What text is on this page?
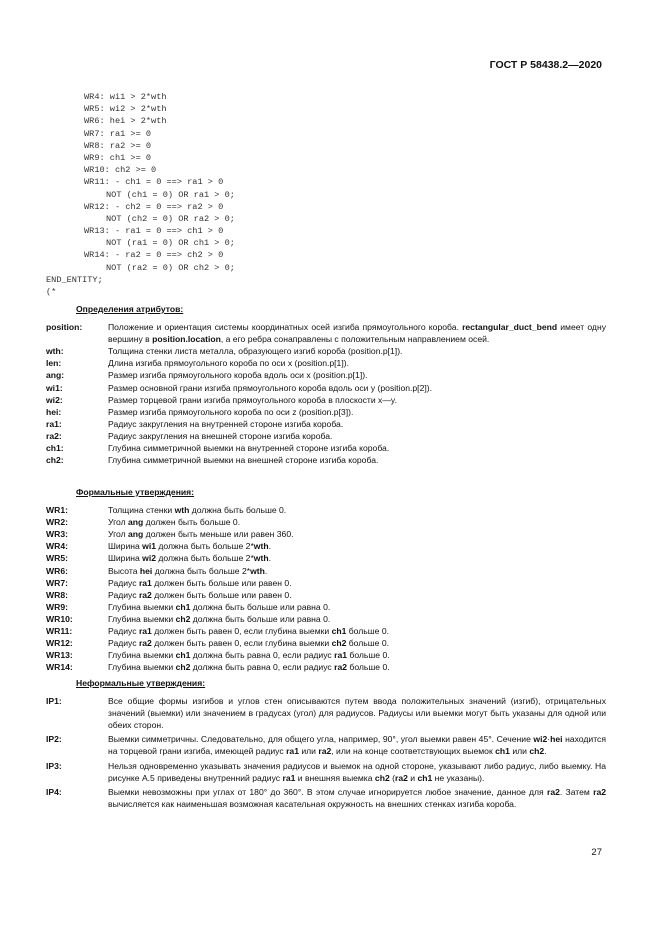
ГОСТ Р 58438.2—2020
WR4: wi1 > 2*wth
WR5: wi2 > 2*wth
WR6: hei > 2*wth
WR7: ra1 >= 0
WR8: ra2 >= 0
WR9: ch1 >= 0
WR10: ch2 >= 0
WR11: - ch1 = 0 ==> ra1 > 0
NOT (ch1 = 0) OR ra1 > 0;
WR12: - ch2 = 0 ==> ra2 > 0
NOT (ch2 = 0) OR ra2 > 0;
WR13: - ra1 = 0 ==> ch1 > 0
NOT (ra1 = 0) OR ch1 > 0;
WR14: - ra2 = 0 ==> ch2 > 0
NOT (ra2 = 0) OR ch2 > 0;
END_ENTITY;
(*
Определения атрибутов:
position:	Положение и ориентация системы координатных осей изгиба прямоугольного короба. rectangular_duct_bend имеет одну вершину в position.location, а его ребра сонаправлены с положительным направлением осей.
wth:	Толщина стенки листа металла, образующего изгиб короба (position.p[1]).
len:	Длина изгиба прямоугольного короба по оси x (position.p[1]).
ang:	Размер изгиба прямоугольного короба вдоль оси x (position.p[1]).
wi1:	Размер основной грани изгиба прямоугольного короба вдоль оси y (position.p[2]).
wi2:	Размер торцевой грани изгиба прямоугольного короба в плоскости x—y.
hei:	Размер изгиба прямоугольного короба по оси z (position.p[3]).
ra1:	Радиус закругления на внутренней стороне изгиба короба.
ra2:	Радиус закругления на внешней стороне изгиба короба.
ch1:	Глубина симметричной выемки на внутренней стороне изгиба короба.
ch2:	Глубина симметричной выемки на внешней стороне изгиба короба.
Формальные утверждения:
WR1:	Толщина стенки wth должна быть больше 0.
WR2:	Угол ang должен быть больше 0.
WR3:	Угол ang должен быть меньше или равен 360.
WR4:	Ширина wi1 должна быть больше 2*wth.
WR5:	Ширина wi2 должна быть больше 2*wth.
WR6:	Высота hei должна быть больше 2*wth.
WR7:	Радиус ra1 должен быть больше или равен 0.
WR8:	Радиус ra2 должен быть больше или равен 0.
WR9:	Глубина выемки ch1 должна быть больше или равна 0.
WR10:	Глубина выемки ch2 должна быть больше или равна 0.
WR11:	Радиус ra1 должен быть равен 0, если глубина выемки ch1 больше 0.
WR12:	Радиус ra2 должен быть равен 0, если глубина выемки ch2 больше 0.
WR13:	Глубина выемки ch1 должна быть равна 0, если радиус ra1 больше 0.
WR14:	Глубина выемки ch2 должна быть равна 0, если радиус ra2 больше 0.
Неформальные утверждения:
IP1:	Все общие формы изгибов и углов стен описываются путем ввода положительных значений (изгиб), отрицательных значений (выемки) или значением в градусах (угол) для радиусов. Радиусы или выемки могут быть указаны для одной или обеих сторон.
IP2:	Выемки симметричны. Следовательно, для общего угла, например, 90°, угол выемки равен 45°. Сечение wi2·hei находится на торцевой грани изгиба, имеющей радиус ra1 или ra2, или на конце соответствующих выемок ch1 или ch2.
IP3:	Нельзя одновременно указывать значения радиусов и выемок на одной стороне, указывают либо радиус, либо выемку. На рисунке А.5 приведены внутренний радиус ra1 и внешняя выемка ch2 (ra2 и ch1 не указаны).
IP4:	Выемки невозможны при углах от 180° до 360°. В этом случае игнорируется любое значение, данное для ra2. Затем ra2 вычисляется как наименьшая возможная касательная окружность на внешних стенках изгиба короба.
27
